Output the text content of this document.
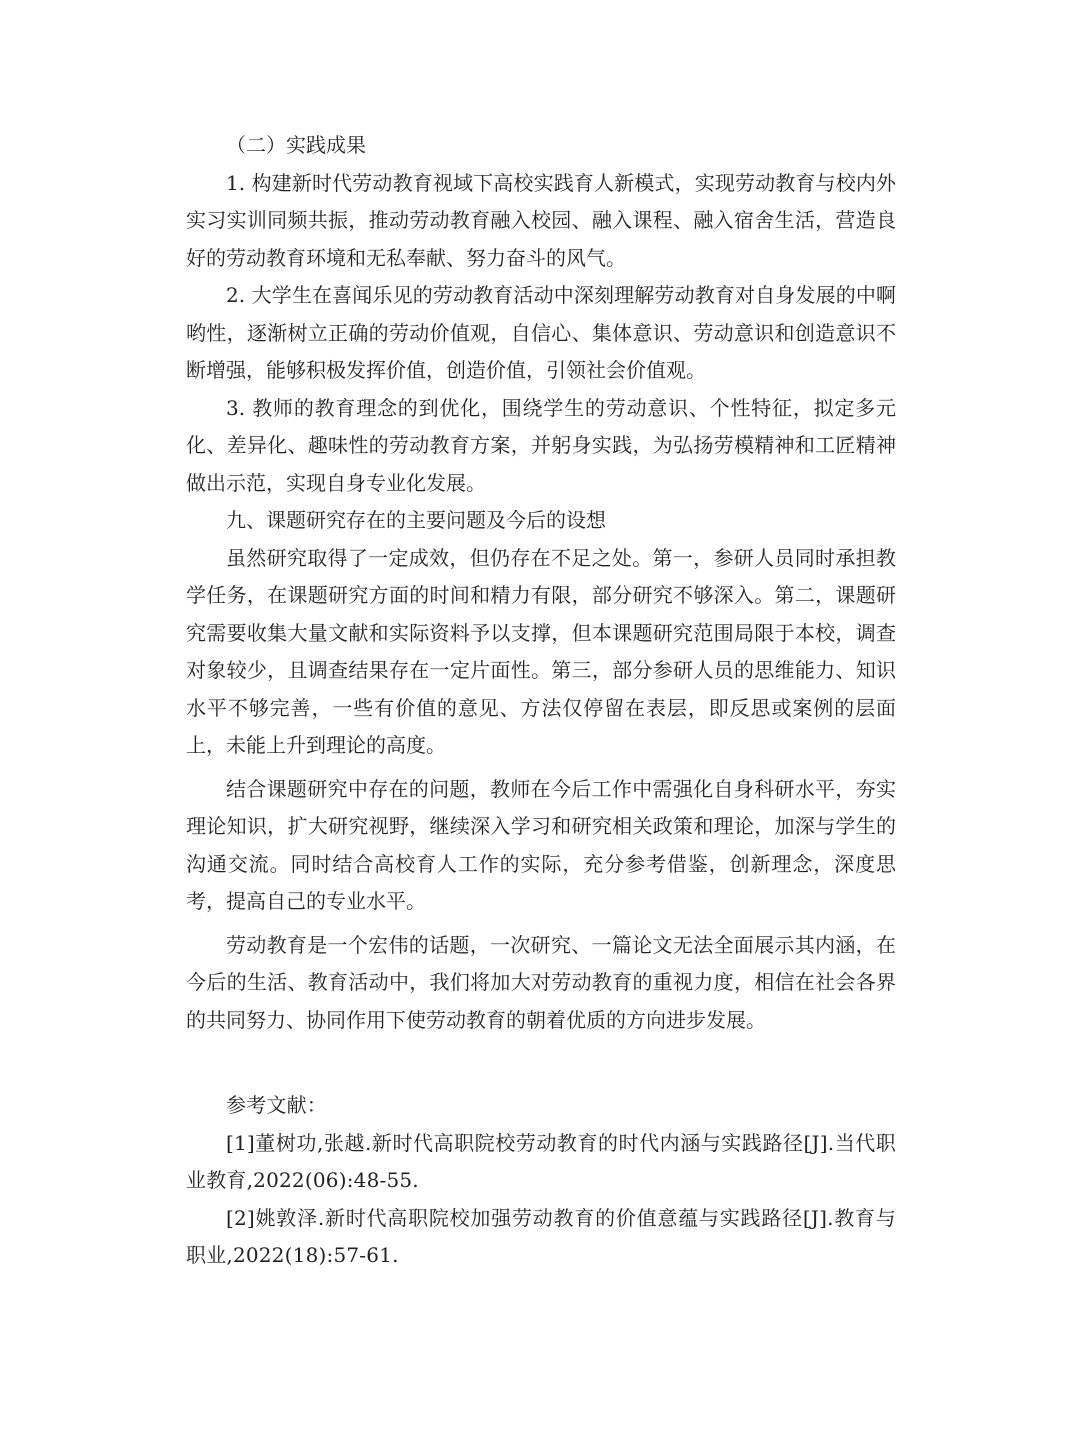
（二）实践成果

1. 构建新时代劳动教育视域下高校实践育人新模式，实现劳动教育与校内外实习实训同频共振，推动劳动教育融入校园、融入课程、融入宿舍生活，营造良好的劳动教育环境和无私奉献、努力奋斗的风气。

2. 大学生在喜闻乐见的劳动教育活动中深刻理解劳动教育对自身发展的中啊哟性，逐渐树立正确的劳动价值观，自信心、集体意识、劳动意识和创造意识不断增强，能够积极发挥价值，创造价值，引领社会价值观。

3. 教师的教育理念的到优化，围绕学生的劳动意识、个性特征，拟定多元化、差异化、趣味性的劳动教育方案，并躬身实践，为弘扬劳模精神和工匠精神做出示范，实现自身专业化发展。

九、课题研究存在的主要问题及今后的设想

虽然研究取得了一定成效，但仍存在不足之处。第一，参研人员同时承担教学任务，在课题研究方面的时间和精力有限，部分研究不够深入。第二，课题研究需要收集大量文献和实际资料予以支撑，但本课题研究范围局限于本校，调查对象较少，且调查结果存在一定片面性。第三，部分参研人员的思维能力、知识水平不够完善，一些有价值的意见、方法仅停留在表层，即反思或案例的层面上，未能上升到理论的高度。

结合课题研究中存在的问题，教师在今后工作中需强化自身科研水平，夯实理论知识，扩大研究视野，继续深入学习和研究相关政策和理论，加深与学生的沟通交流。同时结合高校育人工作的实际，充分参考借鉴，创新理念，深度思考，提高自己的专业水平。

劳动教育是一个宏伟的话题，一次研究、一篇论文无法全面展示其内涵，在今后的生活、教育活动中，我们将加大对劳动教育的重视力度，相信在社会各界的共同努力、协同作用下使劳动教育的朝着优质的方向进步发展。

参考文献：

[1]董树功,张越.新时代高职院校劳动教育的时代内涵与实践路径[J].当代职业教育,2022(06):48-55.

[2]姚敦泽.新时代高职院校加强劳动教育的价值意蕴与实践路径[J].教育与职业,2022(18):57-61.
